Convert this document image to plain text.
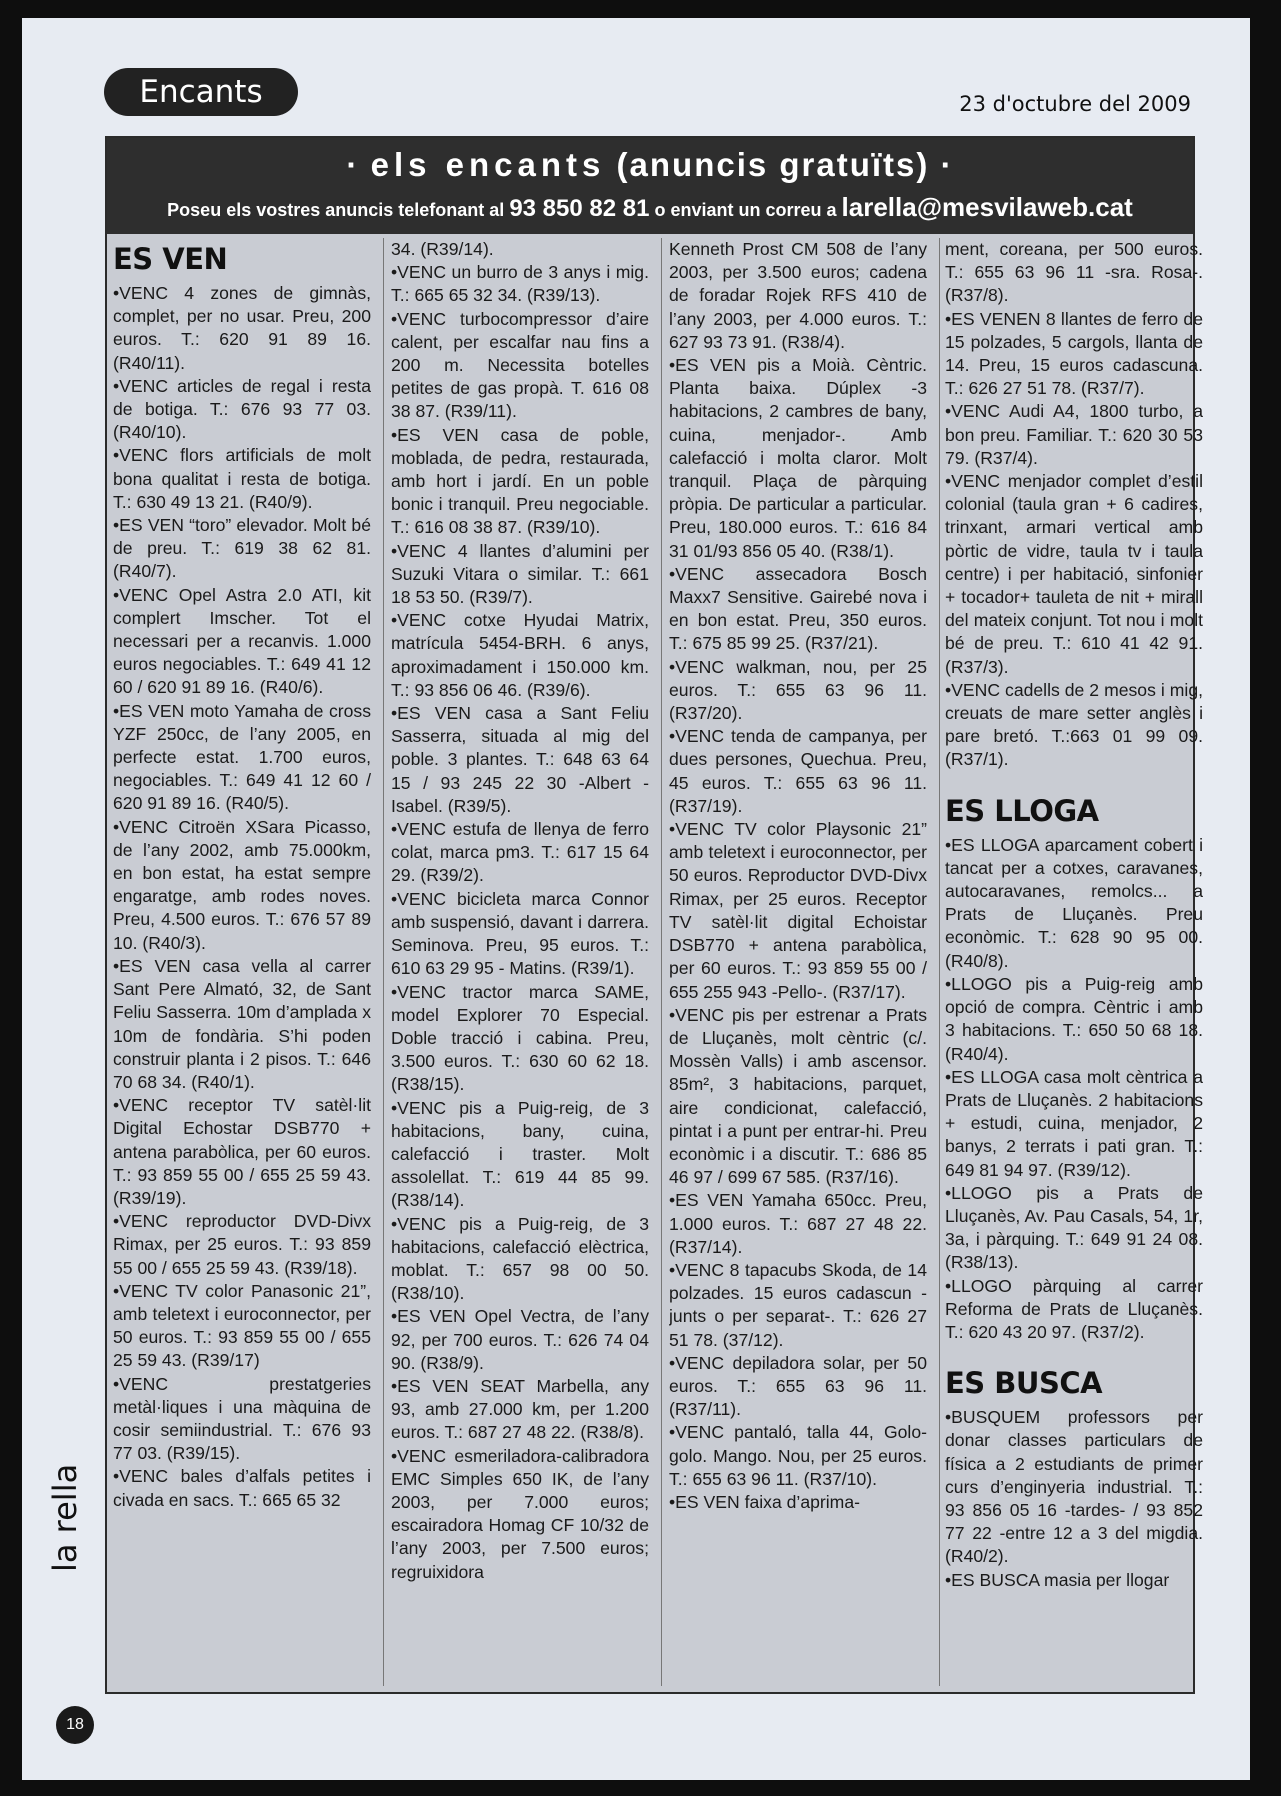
Encants	23 d'octubre del 2009
· els encants (anuncis gratuïts) ·
Poseu els vostres anuncis telefonant al 93 850 82 81 o enviant un correu a larella@mesvilaweb.cat
ES VEN

•VENC 4 zones de gimnàs, complet, per no usar. Preu, 200 euros. T.: 620 91 89 16. (R40/11).

•VENC articles de regal i resta de botiga. T.: 676 93 77 03. (R40/10).

•VENC flors artificials de molt bona qualitat i resta de botiga. T.: 630 49 13 21. (R40/9).

•ES VEN “toro” elevador. Molt bé de preu. T.: 619 38 62 81. (R40/7).

•VENC Opel Astra 2.0 ATI, kit complert Imscher. Tot el necessari per a recanvis. 1.000 euros negociables. T.: 649 41 12 60 / 620 91 89 16. (R40/6).

•ES VEN moto Yamaha de cross YZF 250cc, de l’any 2005, en perfecte estat. 1.700 euros, negociables. T.: 649 41 12 60 / 620 91 89 16. (R40/5).

•VENC Citroën XSara Picasso, de l’any 2002, amb 75.000km, en bon estat, ha estat sempre engaratge, amb rodes noves. Preu, 4.500 euros. T.: 676 57 89 10. (R40/3).

•ES VEN casa vella al carrer Sant Pere Almató, 32, de Sant Feliu Sasserra. 10m d’amplada x 10m de fondària. S’hi poden construir planta i 2 pisos. T.: 646 70 68 34. (R40/1).

•VENC receptor TV satèl·lit Digital Echostar DSB770 + antena parabòlica, per 60 euros. T.: 93 859 55 00 / 655 25 59 43. (R39/19).

•VENC reproductor DVD-Divx Rimax, per 25 euros. T.: 93 859 55 00 / 655 25 59 43. (R39/18).

•VENC TV color Panasonic 21”, amb teletext i euroconnector, per 50 euros. T.: 93 859 55 00 / 655 25 59 43. (R39/17)

•VENC prestatgeries metàl·liques i una màquina de cosir semiindustrial. T.: 676 93 77 03. (R39/15).

•VENC bales d’alfals petites i civada en sacs. T.: 665 65 32

34. (R39/14).

•VENC un burro de 3 anys i mig. T.: 665 65 32 34. (R39/13).

•VENC turbocompressor d’aire calent, per escalfar nau fins a 200 m. Necessita botelles petites de gas propà. T. 616 08 38 87. (R39/11).

•ES VEN casa de poble, moblada, de pedra, restaurada, amb hort i jardí. En un poble bonic i tranquil. Preu negociable. T.: 616 08 38 87. (R39/10).

•VENC 4 llantes d’alumini per Suzuki Vitara o similar. T.: 661 18 53 50. (R39/7).

•VENC cotxe Hyudai Matrix, matrícula 5454-BRH. 6 anys, aproximadament i 150.000 km. T.: 93 856 06 46. (R39/6).

•ES VEN casa a Sant Feliu Sasserra, situada al mig del poble. 3 plantes. T.: 648 63 64 15 / 93 245 22 30 -Albert - Isabel. (R39/5).

•VENC estufa de llenya de ferro colat, marca pm3. T.: 617 15 64 29. (R39/2).

•VENC bicicleta marca Connor amb suspensió, davant i darrera. Seminova. Preu, 95 euros. T.: 610 63 29 95 - Matins. (R39/1).

•VENC tractor marca SAME, model Explorer 70 Especial. Doble tracció i cabina. Preu, 3.500 euros. T.: 630 60 62 18. (R38/15).

•VENC pis a Puig-reig, de 3 habitacions, bany, cuina, calefacció i traster. Molt assolellat. T.: 619 44 85 99. (R38/14).

•VENC pis a Puig-reig, de 3 habitacions, calefacció elèctrica, moblat. T.: 657 98 00 50. (R38/10).

•ES VEN Opel Vectra, de l’any 92, per 700 euros. T.: 626 74 04 90. (R38/9).

•ES VEN SEAT Marbella, any 93, amb 27.000 km, per 1.200 euros. T.: 687 27 48 22. (R38/8).

•VENC esmeriladora-calibradora EMC Simples 650 IK, de l’any 2003, per 7.000 euros; escairadora Homag CF 10/32 de l’any 2003, per 7.500 euros; regruixidora

Kenneth Prost CM 508 de l’any 2003, per 3.500 euros; cadena de foradar Rojek RFS 410 de l’any 2003, per 4.000 euros. T.: 627 93 73 91. (R38/4).

•ES VEN pis a Moià. Cèntric. Planta baixa. Dúplex -3 habitacions, 2 cambres de bany, cuina, menjador-. Amb calefacció i molta claror. Molt tranquil. Plaça de pàrquing pròpia. De particular a particular. Preu, 180.000 euros. T.: 616 84 31 01/93 856 05 40. (R38/1).

•VENC assecadora Bosch Maxx7 Sensitive. Gairebé nova i en bon estat. Preu, 350 euros. T.: 675 85 99 25. (R37/21).

•VENC walkman, nou, per 25 euros. T.: 655 63 96 11. (R37/20).

•VENC tenda de campanya, per dues persones, Quechua. Preu, 45 euros. T.: 655 63 96 11. (R37/19).

•VENC TV color Playsonic 21” amb teletext i euroconnector, per 50 euros. Reproductor DVD-Divx Rimax, per 25 euros. Receptor TV satèl·lit digital Echoistar DSB770 + antena parabòlica, per 60 euros. T.: 93 859 55 00 / 655 255 943 -Pello-. (R37/17).

•VENC pis per estrenar a Prats de Lluçanès, molt cèntric (c/. Mossèn Valls) i amb ascensor. 85m², 3 habitacions, parquet, aire condicionat, calefacció, pintat i a punt per entrar-hi. Preu econòmic i a discutir. T.: 686 85 46 97 / 699 67 585. (R37/16).

•ES VEN Yamaha 650cc. Preu, 1.000 euros. T.: 687 27 48 22. (R37/14).

•VENC 8 tapacubs Skoda, de 14 polzades. 15 euros cadascun -junts o per separat-. T.: 626 27 51 78. (37/12).

•VENC depiladora solar, per 50 euros. T.: 655 63 96 11. (R37/11).

•VENC pantaló, talla 44, Golo-golo. Mango. Nou, per 25 euros. T.: 655 63 96 11. (R37/10).

•ES VEN faixa d’aprima-

ment, coreana, per 500 euros. T.: 655 63 96 11 -sra. Rosa-. (R37/8).

•ES VENEN 8 llantes de ferro de 15 polzades, 5 cargols, llanta de 14. Preu, 15 euros cadascuna. T.: 626 27 51 78. (R37/7).

•VENC Audi A4, 1800 turbo, a bon preu. Familiar. T.: 620 30 53 79. (R37/4).

•VENC menjador complet d’estil colonial (taula gran + 6 cadires, trinxant, armari vertical amb pòrtic de vidre, taula tv i taula centre) i per habitació, sinfonier + tocador+ tauleta de nit + mirall del mateix conjunt. Tot nou i molt bé de preu. T.: 610 41 42 91. (R37/3).

•VENC cadells de 2 mesos i mig, creuats de mare setter anglès i pare bretó. T.:663 01 99 09. (R37/1).

ES LLOGA

•ES LLOGA aparcament cobert i tancat per a cotxes, caravanes, autocaravanes, remolcs... a Prats de Lluçanès. Preu econòmic. T.: 628 90 95 00. (R40/8).

•LLOGO pis a Puig-reig amb opció de compra. Cèntric i amb 3 habitacions. T.: 650 50 68 18. (R40/4).

•ES LLOGA casa molt cèntrica a Prats de Lluçanès. 2 habitacions + estudi, cuina, menjador, 2 banys, 2 terrats i pati gran. T.: 649 81 94 97. (R39/12).

•LLOGO pis a Prats de Lluçanès, Av. Pau Casals, 54, 1r, 3a, i pàrquing. T.: 649 91 24 08. (R38/13).

•LLOGO pàrquing al carrer Reforma de Prats de Lluçanès. T.: 620 43 20 97. (R37/2).

ES BUSCA

•BUSQUEM professors per donar classes particulars de física a 2 estudiants de primer curs d’enginyeria industrial. T.: 93 856 05 16 -tardes- / 93 852 77 22 -entre 12 a 3 del migdia. (R40/2).

•ES BUSCA masia per llogar

la rella
18
